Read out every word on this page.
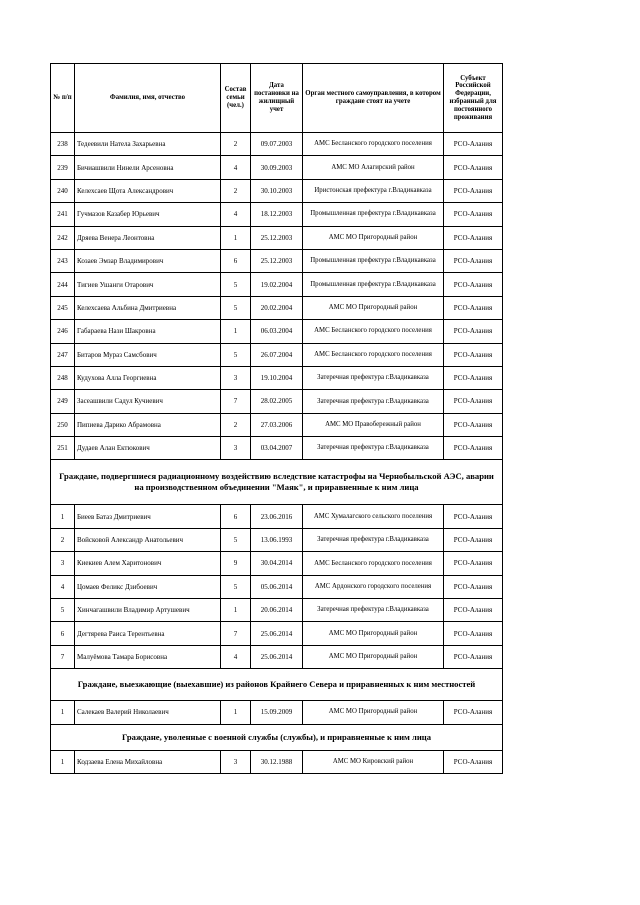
№ п/п	Фамилия, имя, отчество	Состав семьи (чел.)	Дата постановки на жилищный учет	Орган местного самоуправления, в котором граждане стоят на учете	Субъект Российской Федерации, избранный для постоянного проживания
238	Тедеевили Натела Захарьевна	2	09.07.2003	АМС Бесланского городского поселения	РСО-Алания
239	Бичиашвили Нинели Арсеновна	4	30.09.2003	АМС МО Алагирский район	РСО-Алания
240	Келехсаев Щота Александрович	2	30.10.2003	Иристонская префектура г.Владикавказа	РСО-Алания
241	Гучмазов Казабер Юрьевич	4	18.12.2003	Промышленная префектура г.Владикавказа	РСО-Алания
242	Дряева Венера Леонтовна	1	25.12.2003	АМС МО Пригородный район	РСО-Алания
243	Козаев Эмзар Владимирович	6	25.12.2003	Промышленная префектура г.Владикавказа	РСО-Алания
244	Тигиев Ушанги Отарович	5	19.02.2004	Промышленная префектура г.Владикавказа	РСО-Алания
245	Келехсаева Альбина Дмитриевна	5	20.02.2004	АМС МО Пригородный район	РСО-Алания
246	Габараева Нази Шакровна	1	06.03.2004	АМС Бесланского городского поселения	РСО-Алания
247	Битаров Мураз Самсбович	5	26.07.2004	АМС Бесланского городского поселения	РСО-Алания
248	Кудухова Алла Георгиевна	3	19.10.2004	Затеречная префектура г.Владикавказа	РСО-Алания
249	Засеашвили Садул Кучиевич	7	28.02.2005	Затеречная префектура г.Владикавказа	РСО-Алания
250	Пипиева Дарико Абрамовна	2	27.03.2006	АМС МО Правобережный район	РСО-Алания
251	Дудаев Алан Ектюкович	3	03.04.2007	Затеречная префектура г.Владикавказа	РСО-Алания
Граждане, подвергшиеся радиационному воздействию вследствие катастрофы на Чернобыльской АЭС, аварии на производственном объединении "Маяк", и приравненные к ним лица					
1	Биеев Батаз Дмитриевич	6	23.06.2016	АМС Хумалагского сельского поселения	РСО-Алания
2	Войсковой Александр Анатольевич	5	13.06.1993	Затеречная префектура г.Владикавказа	РСО-Алания
3	Киекиев Алем Харитонович	9	30.04.2014	АМС Бесланского городского поселения	РСО-Алания
4	Цомаев Феликс Дзибоевич	5	05.06.2014	АМС Ардонского городского поселения	РСО-Алания
5	Хинчагашвили Владимир Артушевич	1	20.06.2014	Затеречная префектура г.Владикавказа	РСО-Алания
6	Дегтярева Раиса Терентьевна	7	25.06.2014	АМС МО Пригородный район	РСО-Алания
7	Малуёмова Тамара Борисовна	4	25.06.2014	АМС МО Пригородный район	РСО-Алания
Граждане, выезжающие (выехавшие) из районов Крайнего Севера и приравненных к ним местностей					
1	Салекаев Валерий Николаевич	1	15.09.2009	АМС МО Пригородный район	РСО-Алания
Граждане, уволенные с военной службы (службы), и приравненные к ним лица					
1	Кодзаева Елена Михайловна	3	30.12.1988	АМС МО Кировский район	РСО-Алания
